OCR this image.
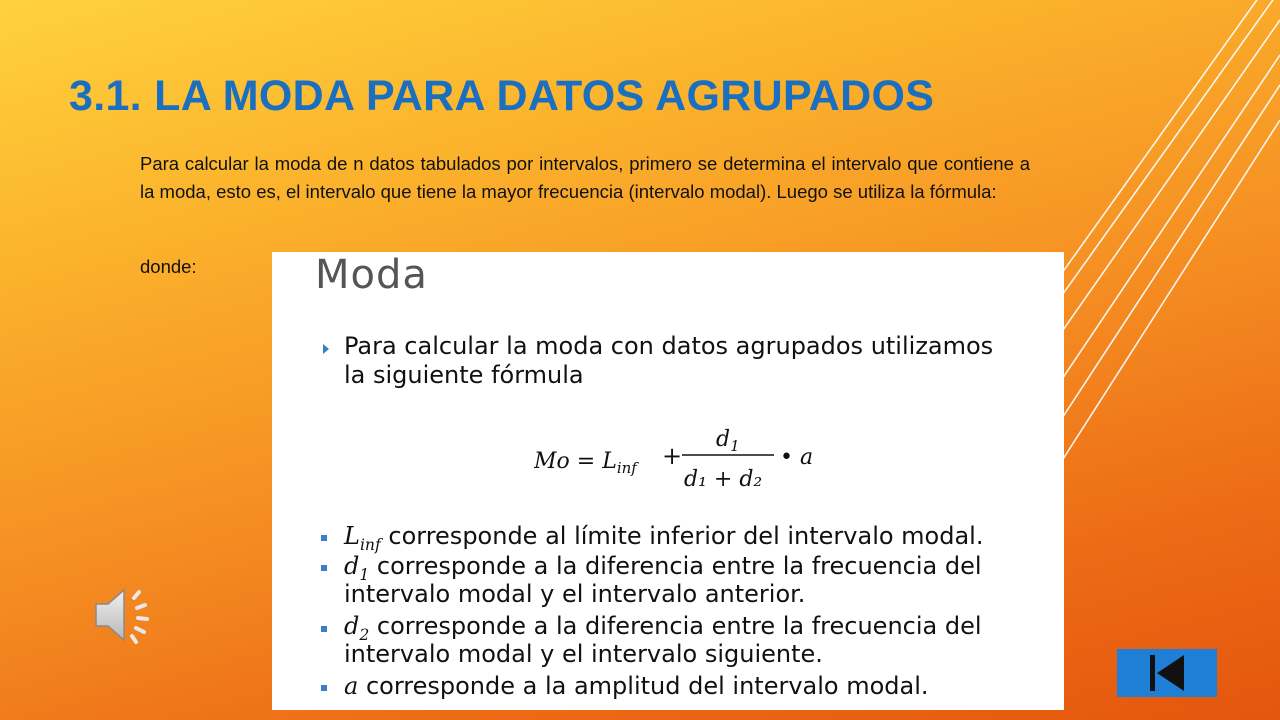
3.1. LA MODA PARA DATOS AGRUPADOS

Para calcular la moda de n datos tabulados por intervalos, primero se determina el intervalo que contiene a la moda, esto es, el intervalo que tiene la mayor frecuencia (intervalo modal). Luego se utiliza la fórmula:

donde:	Moda

Para calcular la moda con datos agrupados utilizamos

la siguiente fórmula

$Mo = L_{inf}$ +
$d_1$
d₁ + d₂
• a

$L_{inf}$ corresponde al límite inferior del intervalo modal.

$d_1$ corresponde a la diferencia entre la frecuencia del

intervalo modal y el intervalo anterior.

$d_2$ corresponde a la diferencia entre la frecuencia del

intervalo modal y el intervalo siguiente.

a corresponde a la amplitud del intervalo modal.
